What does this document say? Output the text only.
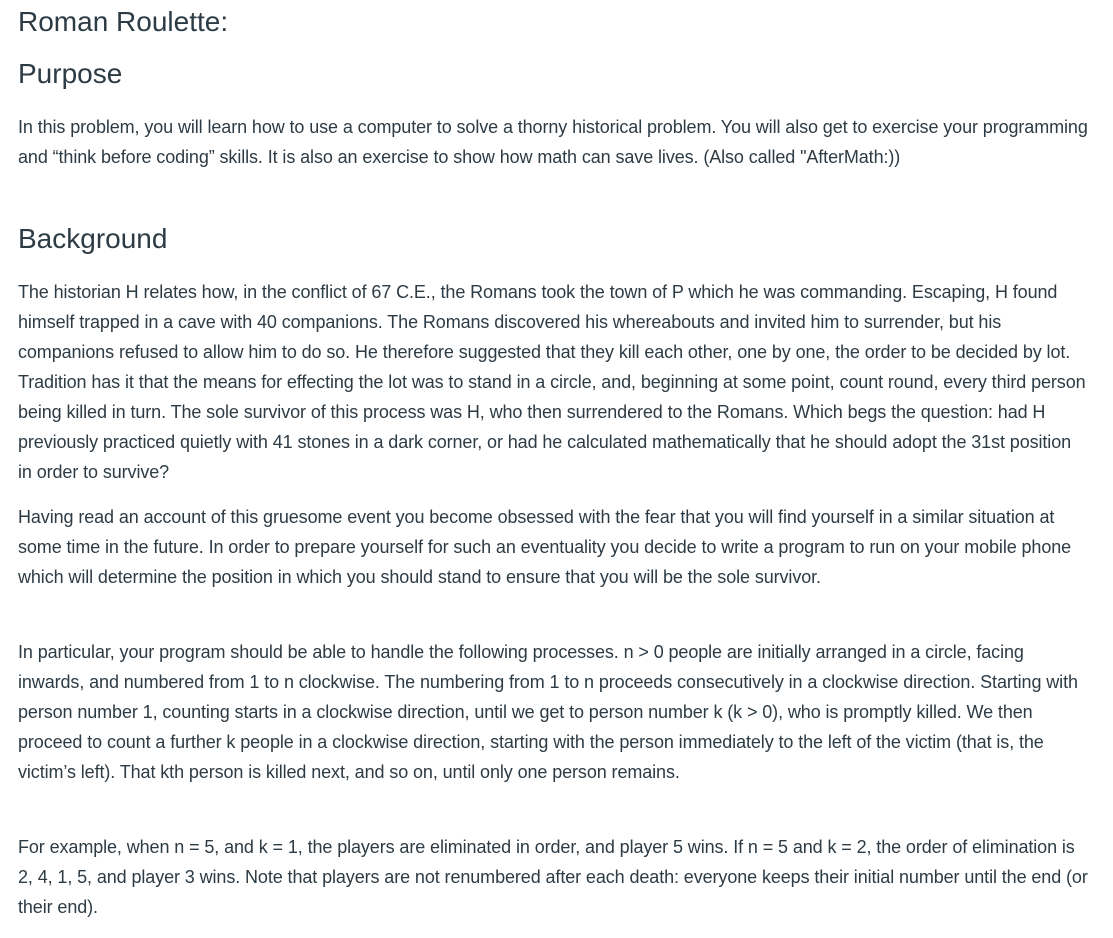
Roman Roulette:
Purpose

In this problem, you will learn how to use a computer to solve a thorny historical problem. You will also get to exercise your programming and “think before coding” skills. It is also an exercise to show how math can save lives. (Also called "AfterMath:))

Background

The historian H relates how, in the conflict of 67 C.E., the Romans took the town of P which he was commanding. Escaping, H found himself trapped in a cave with 40 companions. The Romans discovered his whereabouts and invited him to surrender, but his companions refused to allow him to do so. He therefore suggested that they kill each other, one by one, the order to be decided by lot. Tradition has it that the means for effecting the lot was to stand in a circle, and, beginning at some point, count round, every third person being killed in turn. The sole survivor of this process was H, who then surrendered to the Romans. Which begs the question: had H previously practiced quietly with 41 stones in a dark corner, or had he calculated mathematically that he should adopt the 31st position in order to survive?

Having read an account of this gruesome event you become obsessed with the fear that you will find yourself in a similar situation at some time in the future. In order to prepare yourself for such an eventuality you decide to write a program to run on your mobile phone which will determine the position in which you should stand to ensure that you will be the sole survivor.

In particular, your program should be able to handle the following processes. n > 0 people are initially arranged in a circle, facing inwards, and numbered from 1 to n clockwise. The numbering from 1 to n proceeds consecutively in a clockwise direction. Starting with person number 1, counting starts in a clockwise direction, until we get to person number k (k > 0), who is promptly killed. We then proceed to count a further k people in a clockwise direction, starting with the person immediately to the left of the victim (that is, the victim’s left). That kth person is killed next, and so on, until only one person remains.

For example, when n = 5, and k = 1, the players are eliminated in order, and player 5 wins. If n = 5 and k = 2, the order of elimination is 2, 4, 1, 5, and player 3 wins. Note that players are not renumbered after each death: everyone keeps their initial number until the end (or their end).
